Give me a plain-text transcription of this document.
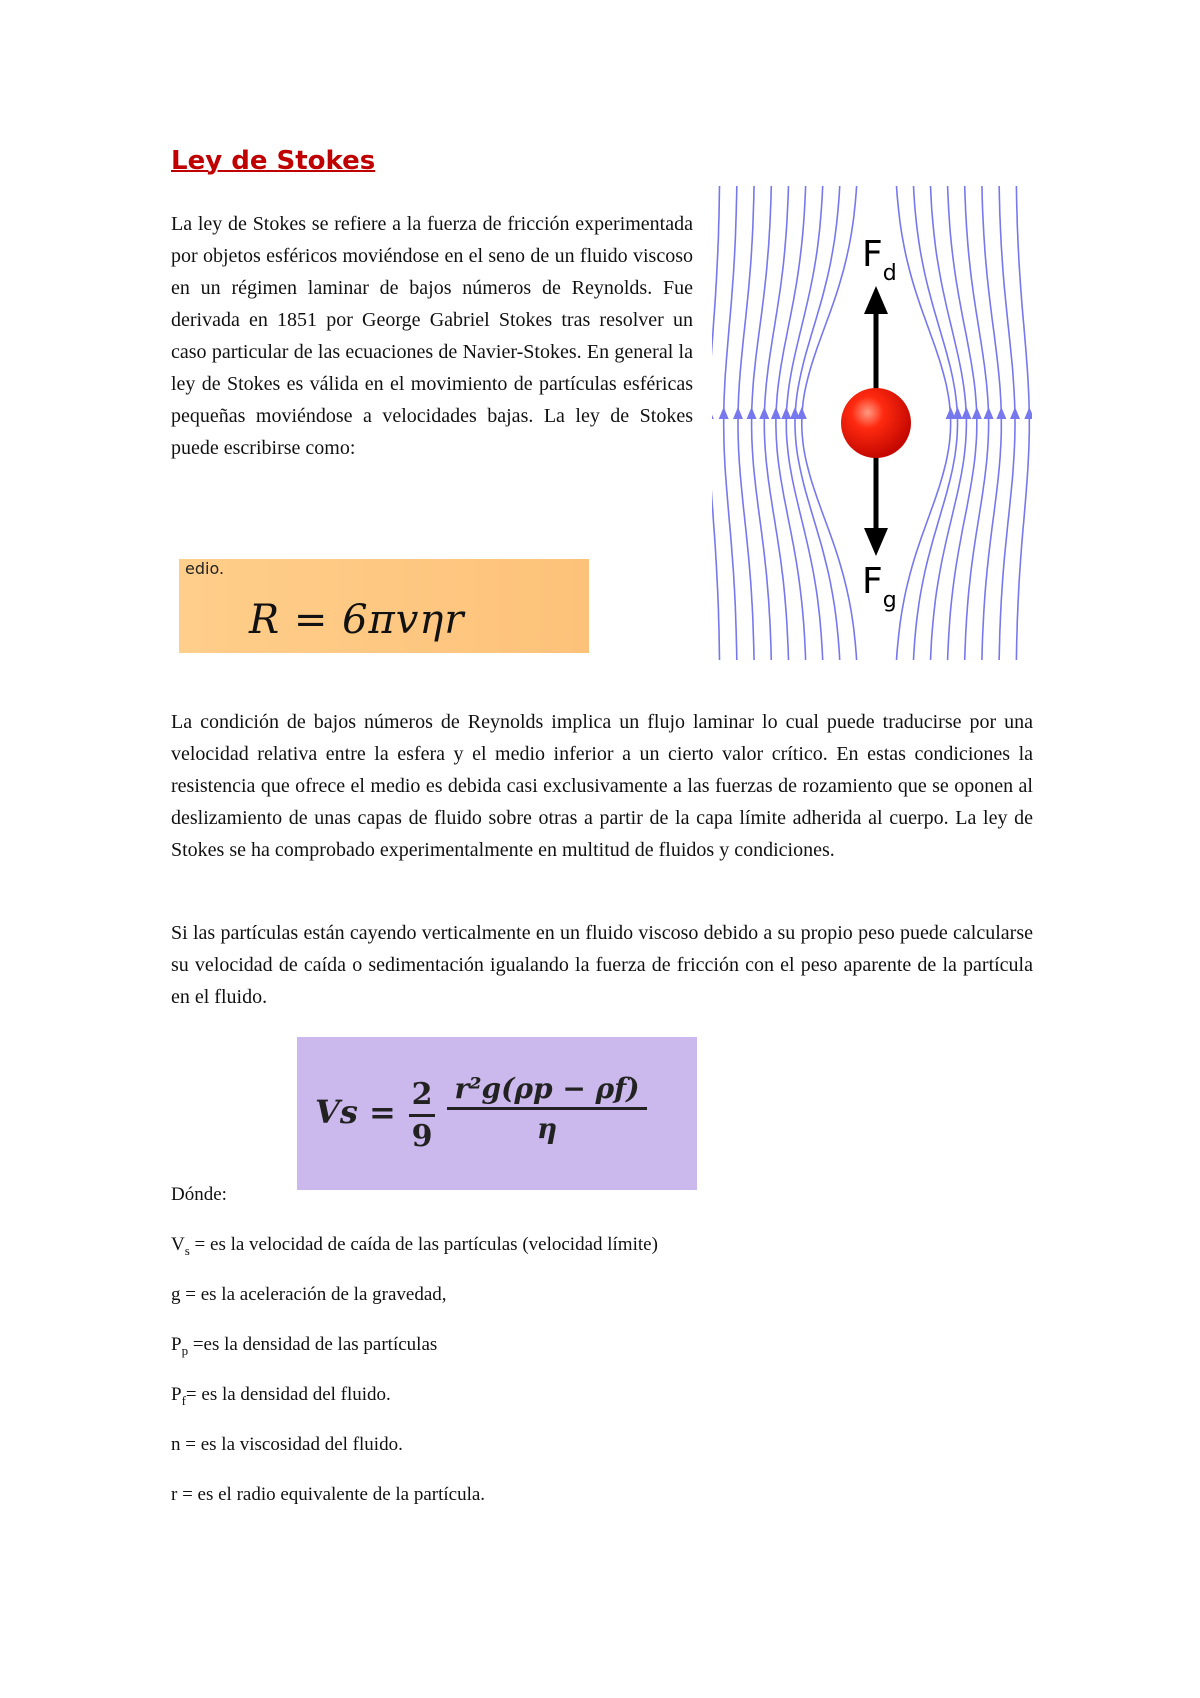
Ley de Stokes

La ley de Stokes se refiere a la fuerza de fricción experimentada por objetos esféricos moviéndose en el seno de un fluido viscoso en un régimen laminar de bajos números de Reynolds. Fue derivada en 1851 por George Gabriel Stokes tras resolver un caso particular de las ecuaciones de Navier-Stokes. En general la ley de Stokes es válida en el movimiento de partículas esféricas pequeñas moviéndose a velocidades bajas. La ley de Stokes puede escribirse como:

$F_d$
$F_g$
edio.
R = 6πvηr

La condición de bajos números de Reynolds implica un flujo laminar lo cual puede traducirse por una velocidad relativa entre la esfera y el medio inferior a un cierto valor crítico. En estas condiciones la resistencia que ofrece el medio es debida casi exclusivamente a las fuerzas de rozamiento que se oponen al deslizamiento de unas capas de fluido sobre otras a partir de la capa límite adherida al cuerpo. La ley de Stokes se ha comprobado experimentalmente en multitud de fluidos y condiciones.

Si las partículas están cayendo verticalmente en un fluido viscoso debido a su propio peso puede calcularse su velocidad de caída o sedimentación igualando la fuerza de fricción con el peso aparente de la partícula en el fluido.

Vs = 2
9
r²g(ρp − ρf)
η
Dónde:
$V_s$ = es la velocidad de caída de las partículas (velocidad límite)
g = es la aceleración de la gravedad,
$P_p =es$ la densidad de las partículas
$P_f=$ es la densidad del fluido.
n = es la viscosidad del fluido.
r = es el radio equivalente de la partícula.
